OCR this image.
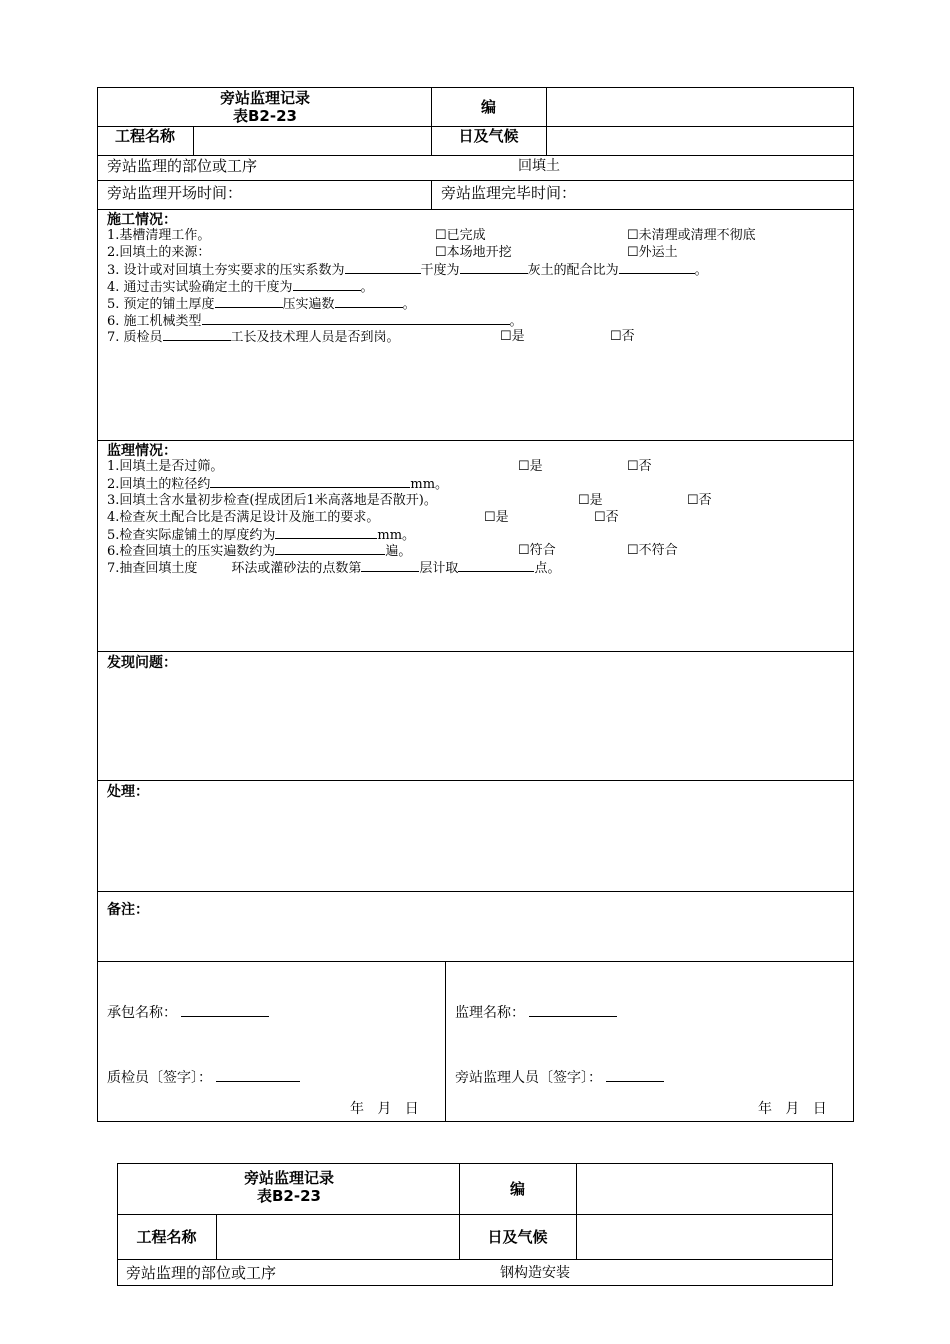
旁站监理记录
表B2-23	编
工程名称	日及气候
旁站监理的部位或工序	回填土
旁站监理开场时间：	旁站监理完毕时间：
施工情况：
1.基槽清理工作。	☐已完成	☐未清理或清理不彻底
2.回填土的来源：	☐本场地开挖	☐外运土
3. 设计或对回填土夯实要求的压实系数为	干度为	灰土的配合比为	。
4. 通过击实试验确定土的干度为	。
5. 预定的铺土厚度	压实遍数	。
6. 施工机械类型	。
7. 质检员	工长及技术理人员是否到岗。	☐是	☐否
监理情况：
1.回填土是否过筛。	☐是	☐否
2.回填土的粒径约	mm。
3.回填土含水量初步检查(捏成团后1米高落地是否散开)。	☐是	☐否
4.检查灰土配合比是否满足设计及施工的要求。	☐是	☐否
5.检查实际虚铺土的厚度约为	mm。
6.检查回填土的压实遍数约为	遍。	☐符合	☐不符合
7.抽查回填土度	环法或灌砂法的点数第	层计取	点。
发现问题：
处理：
备注：
承包名称：
质检员〔签字〕：
年   月   日
监理名称：
旁站监理人员〔签字〕：
年   月   日
旁站监理记录
表B2-23	编
工程名称	日及气候
旁站监理的部位或工序	钢构造安装
